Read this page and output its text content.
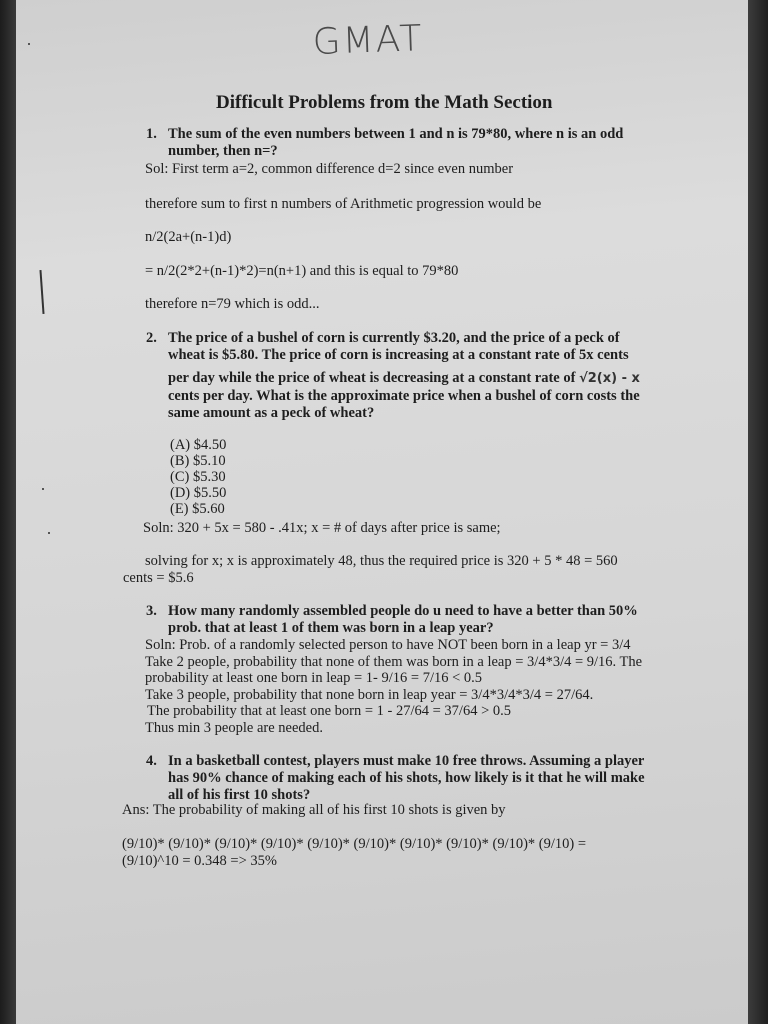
GMAT
Difficult Problems from the Math Section
1. The sum of the even numbers between 1 and n is 79*80, where n is an odd
number, then n=?
Sol: First term a=2, common difference d=2 since even number
therefore sum to first n numbers of Arithmetic progression would be
n/2(2a+(n-1)d)
= n/2(2*2+(n-1)*2)=n(n+1) and this is equal to 79*80
therefore n=79 which is odd...
2. The price of a bushel of corn is currently $3.20, and the price of a peck of
wheat is $5.80. The price of corn is increasing at a constant rate of 5x cents
per day while the price of wheat is decreasing at a constant rate of √2(x) - x
cents per day. What is the approximate price when a bushel of corn costs the
same amount as a peck of wheat?
(A) $4.50
(B) $5.10
(C) $5.30
(D) $5.50
(E) $5.60
Soln: 320 + 5x = 580 - .41x; x = # of days after price is same;
solving for x; x is approximately 48, thus the required price is 320 + 5 * 48 = 560
cents = $5.6
3. How many randomly assembled people do u need to have a better than 50%
prob. that at least 1 of them was born in a leap year?
Soln: Prob. of a randomly selected person to have NOT been born in a leap yr = 3/4
Take 2 people, probability that none of them was born in a leap = 3/4*3/4 = 9/16. The
probability at least one born in leap = 1- 9/16 = 7/16 < 0.5
Take 3 people, probability that none born in leap year = 3/4*3/4*3/4 = 27/64.
The probability that at least one born = 1 - 27/64 = 37/64 > 0.5
Thus min 3 people are needed.
4. In a basketball contest, players must make 10 free throws. Assuming a player
has 90% chance of making each of his shots, how likely is it that he will make
all of his first 10 shots?
Ans: The probability of making all of his first 10 shots is given by
(9/10)* (9/10)* (9/10)* (9/10)* (9/10)* (9/10)* (9/10)* (9/10)* (9/10)* (9/10) =
(9/10)^10 = 0.348 => 35%
